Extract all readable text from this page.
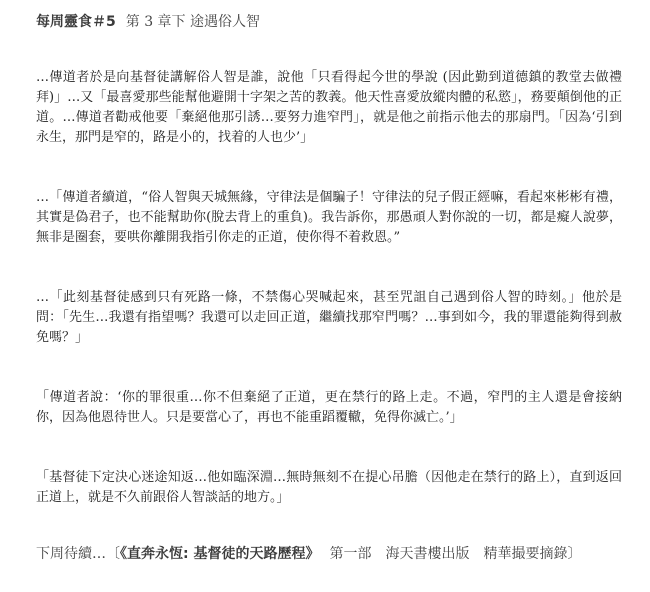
每周靈食＃5 第 3 章下 途遇俗人智

…傳道者於是向基督徒講解俗人智是誰，說他「只看得起今世的學說 (因此勤到道德鎮的教堂去做禮拜)」…又「最喜愛那些能幫他避開十字架之苦的教義。他天性喜愛放縱肉體的私慾」，務要顛倒他的正道。…傳道者勸戒他要「棄絕他那引誘…要努力進窄門」，就是他之前指示他去的那扇門。「因為‘引到永生，那門是窄的，路是小的，找着的人也少’」

…「傳道者續道，“俗人智與天城無緣，守律法是個騙子！守律法的兒子假正經嘛，看起來彬彬有禮，其實是偽君子，也不能幫助你(脫去背上的重負)。我告訴你，那愚頑人對你說的一切，都是癡人說夢，無非是圈套，要哄你離開我指引你走的正道，使你得不着救恩。”

…「此刻基督徒感到只有死路一條，不禁傷心哭喊起來，甚至咒詛自己遇到俗人智的時刻。」他於是問：「先生…我還有指望嗎？我還可以走回正道，繼續找那窄門嗎？…事到如今，我的罪還能夠得到赦免嗎？」

「傳道者說：‘你的罪很重…你不但棄絕了正道，更在禁行的路上走。不過，窄門的主人還是會接納你，因為他恩待世人。只是要當心了，再也不能重蹈覆轍，免得你滅亡。’」

「基督徒下定決心迷途知返…他如臨深淵…無時無刻不在提心吊膽（因他走在禁行的路上），直到返回正道上，就是不久前跟俗人智談話的地方。」

下周待續…〔《直奔永恆: 基督徒的天路歷程》 第一部　海天書樓出版　精華撮要摘錄〕
